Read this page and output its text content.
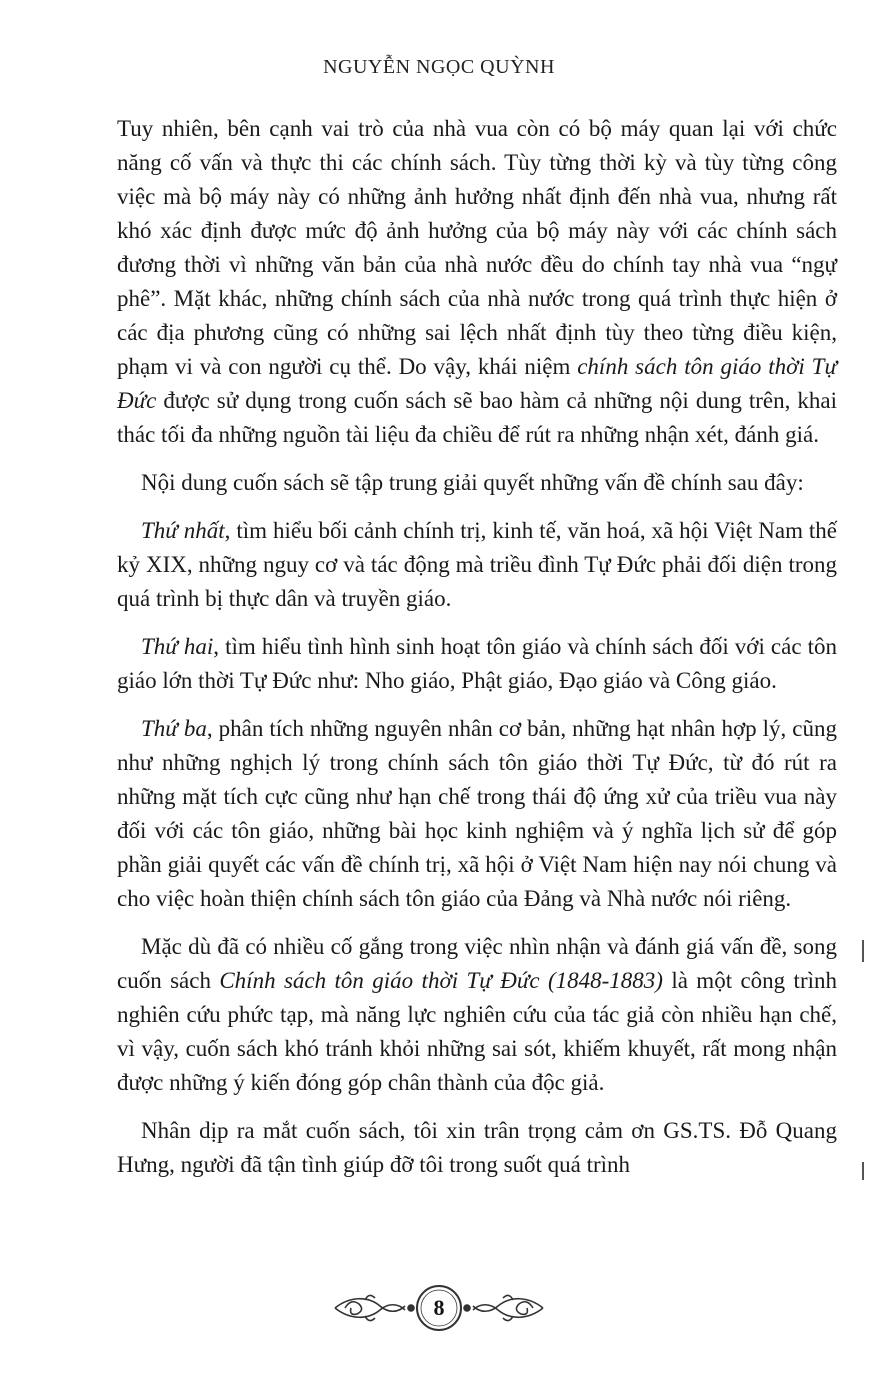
NGUYỄN NGỌC QUỲNH

Tuy nhiên, bên cạnh vai trò của nhà vua còn có bộ máy quan lại với chức năng cố vấn và thực thi các chính sách. Tùy từng thời kỳ và tùy từng công việc mà bộ máy này có những ảnh hưởng nhất định đến nhà vua, nhưng rất khó xác định được mức độ ảnh hưởng của bộ máy này với các chính sách đương thời vì những văn bản của nhà nước đều do chính tay nhà vua “ngự phê”. Mặt khác, những chính sách của nhà nước trong quá trình thực hiện ở các địa phương cũng có những sai lệch nhất định tùy theo từng điều kiện, phạm vi và con người cụ thể. Do vậy, khái niệm chính sách tôn giáo thời Tự Đức được sử dụng trong cuốn sách sẽ bao hàm cả những nội dung trên, khai thác tối đa những nguồn tài liệu đa chiều để rút ra những nhận xét, đánh giá.

Nội dung cuốn sách sẽ tập trung giải quyết những vấn đề chính sau đây:

Thứ nhất, tìm hiểu bối cảnh chính trị, kinh tế, văn hoá, xã hội Việt Nam thế kỷ XIX, những nguy cơ và tác động mà triều đình Tự Đức phải đối diện trong quá trình bị thực dân và truyền giáo.

Thứ hai, tìm hiểu tình hình sinh hoạt tôn giáo và chính sách đối với các tôn giáo lớn thời Tự Đức như: Nho giáo, Phật giáo, Đạo giáo và Công giáo.

Thứ ba, phân tích những nguyên nhân cơ bản, những hạt nhân hợp lý, cũng như những nghịch lý trong chính sách tôn giáo thời Tự Đức, từ đó rút ra những mặt tích cực cũng như hạn chế trong thái độ ứng xử của triều vua này đối với các tôn giáo, những bài học kinh nghiệm và ý nghĩa lịch sử để góp phần giải quyết các vấn đề chính trị, xã hội ở Việt Nam hiện nay nói chung và cho việc hoàn thiện chính sách tôn giáo của Đảng và Nhà nước nói riêng.

Mặc dù đã có nhiều cố gắng trong việc nhìn nhận và đánh giá vấn đề, song cuốn sách Chính sách tôn giáo thời Tự Đức (1848-1883) là một công trình nghiên cứu phức tạp, mà năng lực nghiên cứu của tác giả còn nhiều hạn chế, vì vậy, cuốn sách khó tránh khỏi những sai sót, khiếm khuyết, rất mong nhận được những ý kiến đóng góp chân thành của độc giả.

Nhân dịp ra mắt cuốn sách, tôi xin trân trọng cảm ơn GS.TS. Đỗ Quang Hưng, người đã tận tình giúp đỡ tôi trong suốt quá trình

8
